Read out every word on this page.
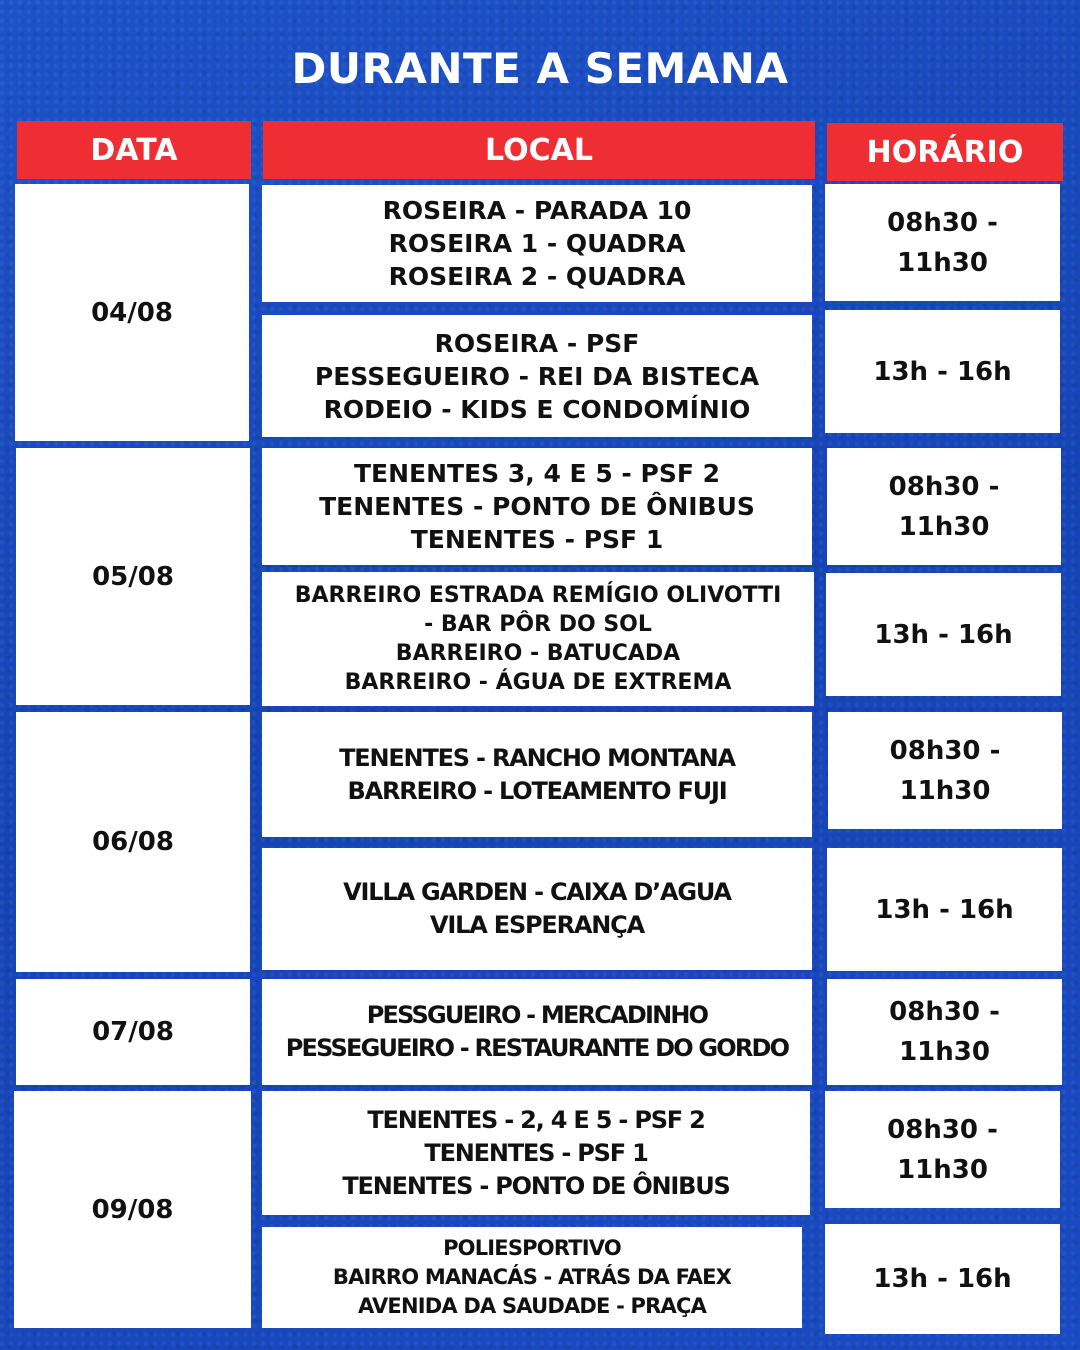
DURANTE A SEMANA
DATA	LOCAL	HORÁRIO
04/08
05/08
06/08
07/08
09/08
ROSEIRA - PARADA 10
ROSEIRA 1 - QUADRA
ROSEIRA 2 - QUADRA
ROSEIRA - PSF
PESSEGUEIRO - REI DA BISTECA
RODEIO - KIDS E CONDOMÍNIO
TENENTES 3, 4 E 5 - PSF 2
TENENTES - PONTO DE ÔNIBUS
TENENTES - PSF 1
BARREIRO ESTRADA REMÍGIO OLIVOTTI
- BAR PÔR DO SOL
BARREIRO - BATUCADA
BARREIRO - ÁGUA DE EXTREMA
TENENTES - RANCHO MONTANA
BARREIRO - LOTEAMENTO FUJI
VILLA GARDEN - CAIXA D’AGUA
VILA ESPERANÇA
PESSGUEIRO - MERCADINHO
PESSEGUEIRO - RESTAURANTE DO GORDO
TENENTES - 2, 4 E 5 - PSF 2
TENENTES - PSF 1
TENENTES - PONTO DE ÔNIBUS
POLIESPORTIVO
BAIRRO MANACÁS - ATRÁS DA FAEX
AVENIDA DA SAUDADE - PRAÇA
08h30 -
11h30
13h - 16h
08h30 -
11h30
13h - 16h
08h30 -
11h30
13h - 16h
08h30 -
11h30
08h30 -
11h30
13h - 16h
